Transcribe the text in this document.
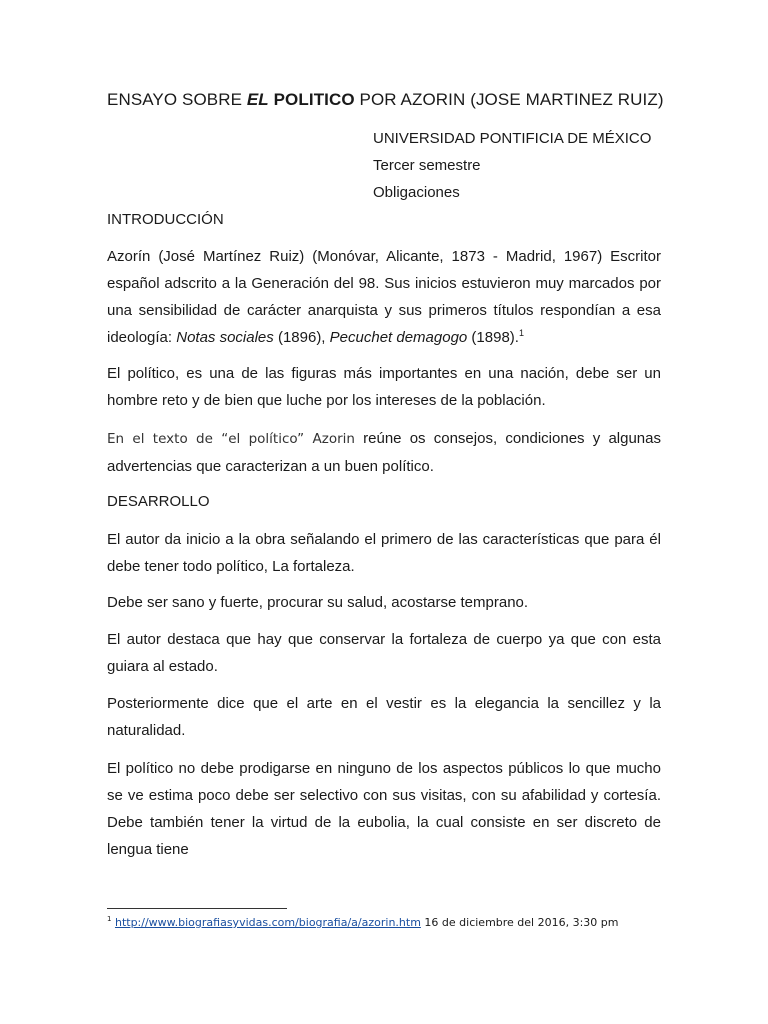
ENSAYO SOBRE EL POLITICO POR AZORIN (JOSE MARTINEZ RUIZ)
UNIVERSIDAD PONTIFICIA DE MÉXICO
Tercer semestre
Obligaciones
INTRODUCCIÓN
Azorín (José Martínez Ruiz) (Monóvar, Alicante, 1873 - Madrid, 1967) Escritor español adscrito a la Generación del 98. Sus inicios estuvieron muy marcados por una sensibilidad de carácter anarquista y sus primeros títulos respondían a esa ideología: Notas sociales (1896), Pecuchet demagogo (1898).$^1$
El político, es una de las figuras más importantes en una nación, debe ser un hombre reto y de bien que luche por los intereses de la población.
En el texto de “el político” Azorin reúne os consejos, condiciones y algunas advertencias que caracterizan a un buen político.
DESARROLLO
El autor da inicio a la obra señalando el primero de las características que para él debe tener todo político, La fortaleza.
Debe ser sano y fuerte, procurar su salud, acostarse temprano.
El autor destaca que hay que conservar la fortaleza de cuerpo ya que con esta guiara al estado.
Posteriormente dice que el arte en el vestir es la elegancia la sencillez y la naturalidad.
El político no debe prodigarse en ninguno de los aspectos públicos lo que mucho se ve estima poco debe ser selectivo con sus visitas, con su afabilidad y cortesía. Debe también tener la virtud de la eubolia, la cual consiste en ser discreto de lengua tiene
$^1$ http://www.biografiasyvidas.com/biografia/a/azorin.htm 16 de diciembre del 2016, 3:30 pm
